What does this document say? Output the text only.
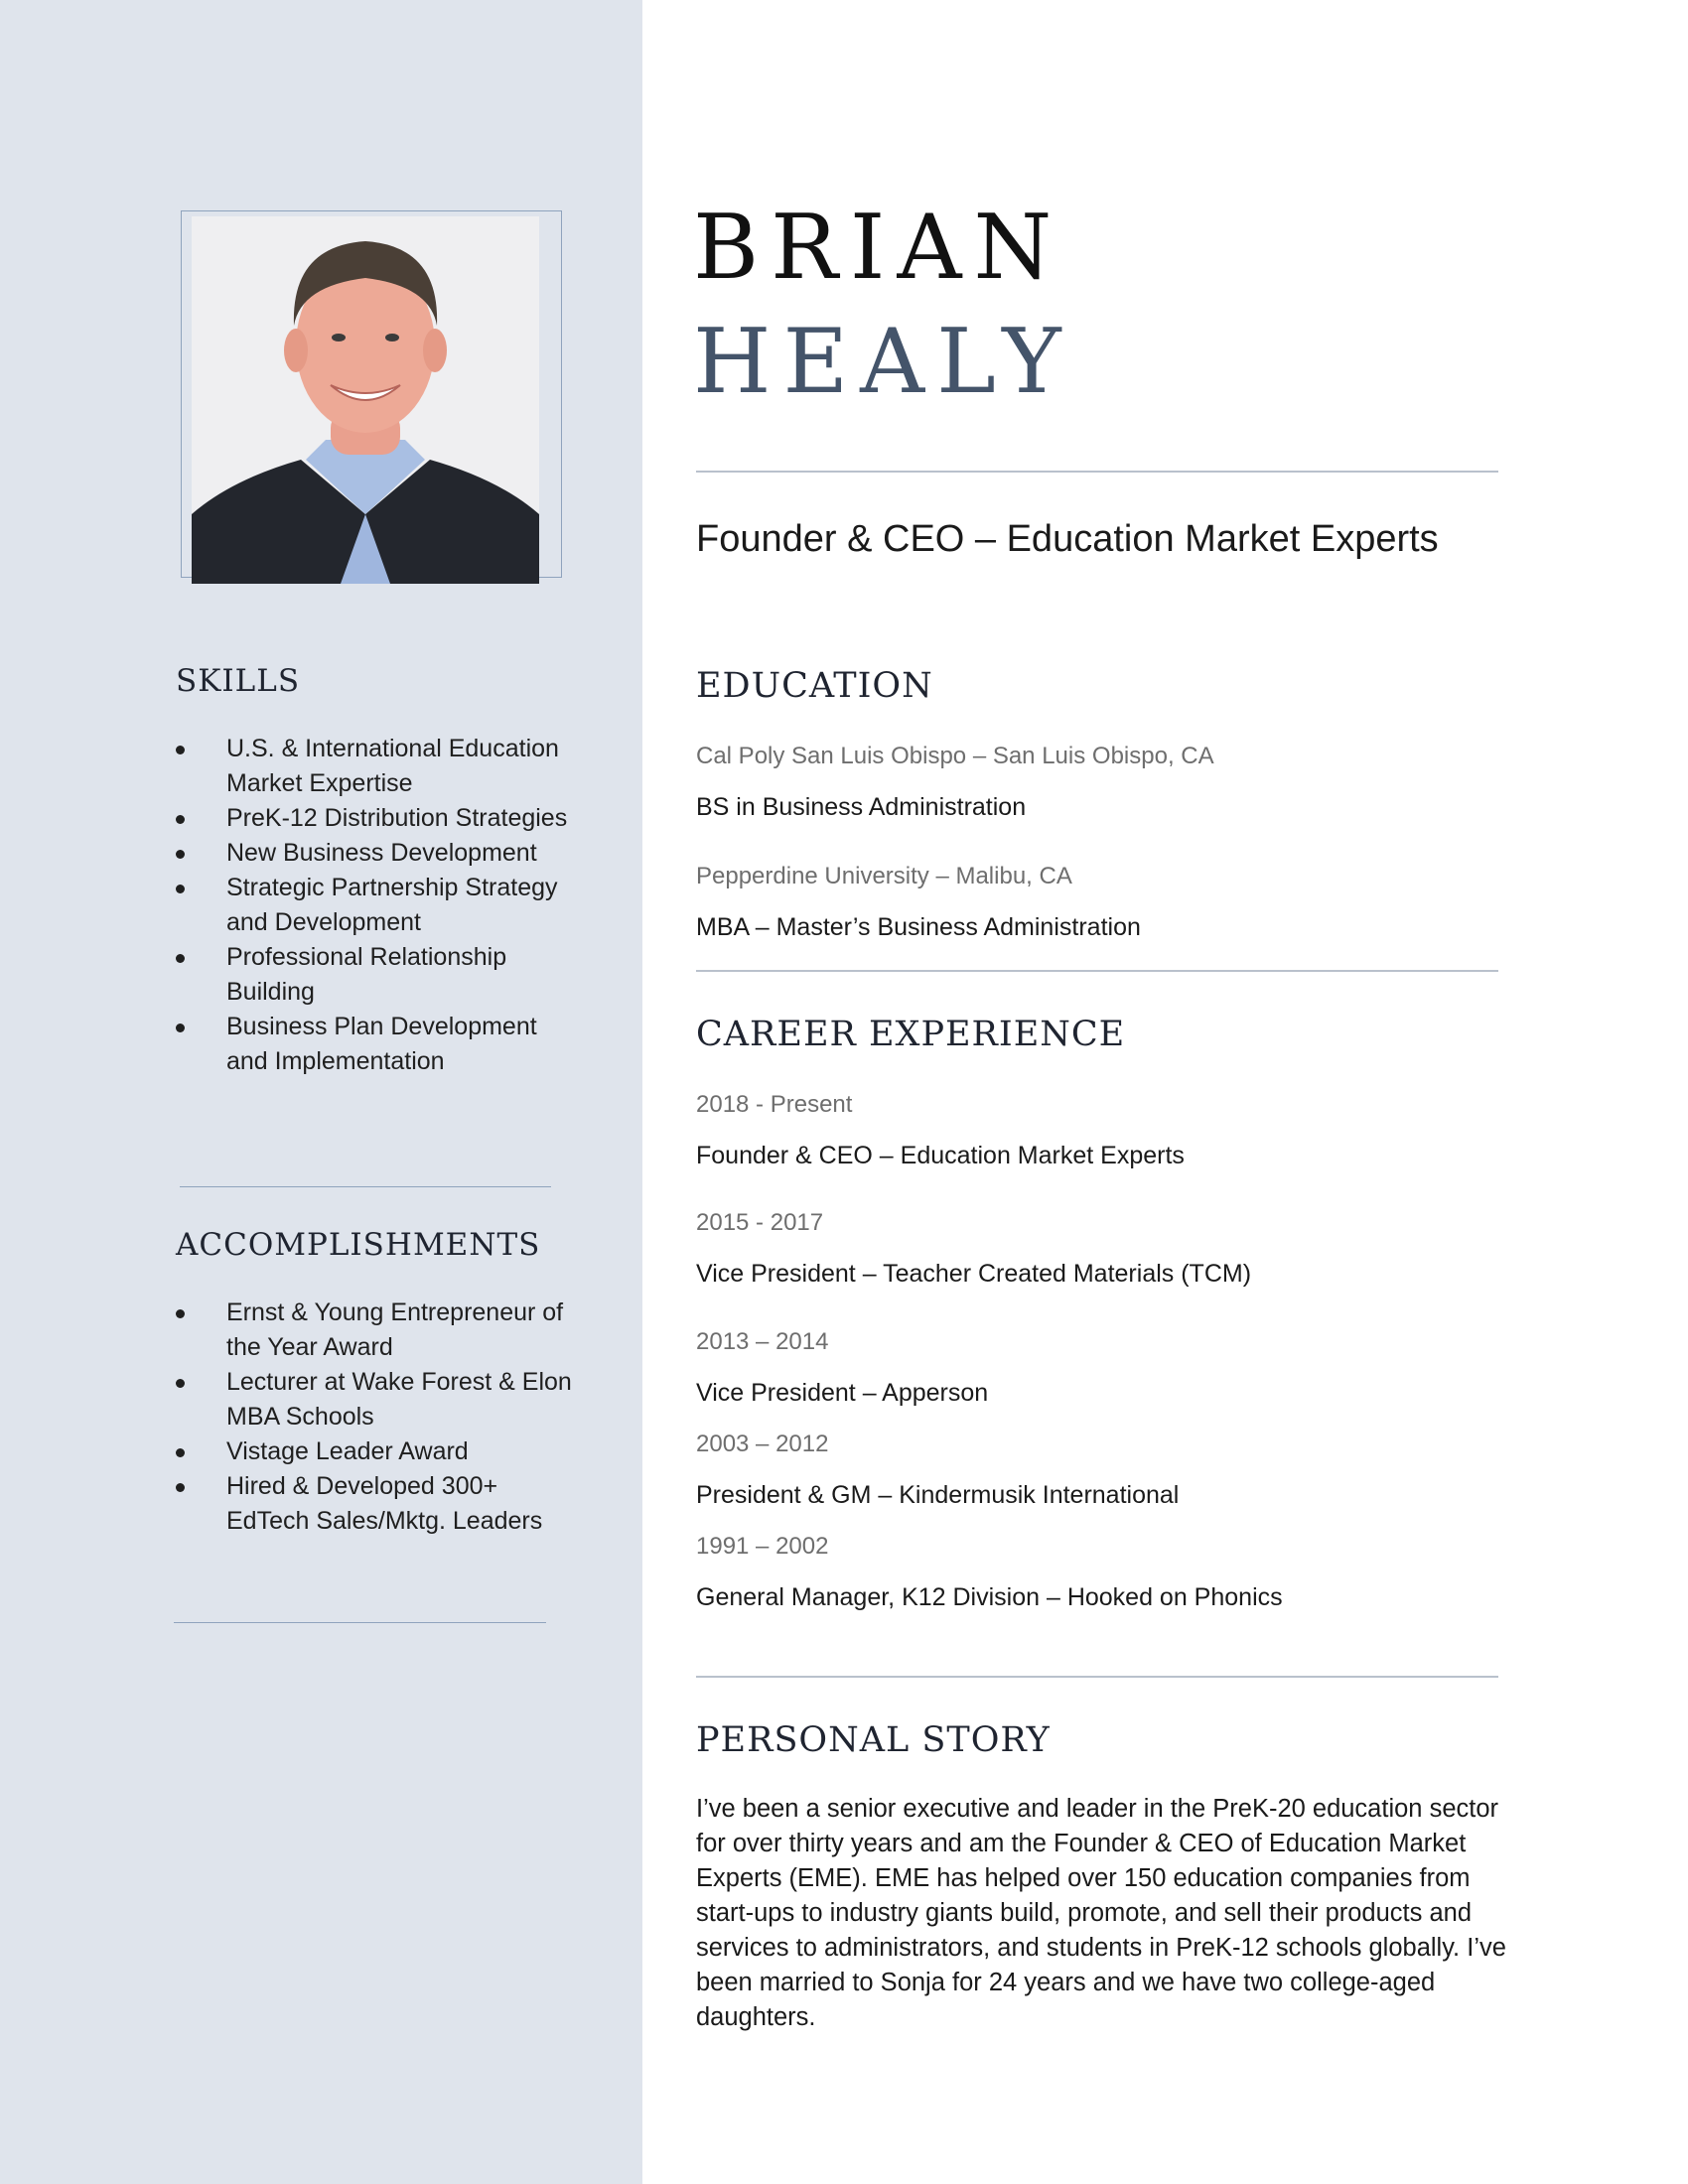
SKILLS
U.S. & International Education Market Expertise
PreK-12 Distribution Strategies
New Business Development
Strategic Partnership Strategy and Development
Professional Relationship Building
Business Plan Development and Implementation
ACCOMPLISHMENTS
Ernst & Young Entrepreneur of the Year Award
Lecturer at Wake Forest & Elon MBA Schools
Vistage Leader Award
Hired & Developed 300+ EdTech Sales/Mktg. Leaders
BRIAN
HEALY
Founder & CEO – Education Market Experts
EDUCATION

Cal Poly San Luis Obispo – San Luis Obispo, CA

BS in Business Administration

Pepperdine University – Malibu, CA

MBA – Master’s Business Administration

CAREER EXPERIENCE

2018 - Present

Founder & CEO – Education Market Experts

2015 - 2017

Vice President – Teacher Created Materials (TCM)

2013 – 2014

Vice President – Apperson

2003 – 2012

President & GM – Kindermusik International

1991 – 2002

General Manager, K12 Division – Hooked on Phonics

PERSONAL STORY

I’ve been a senior executive and leader in the PreK-20 education sector for over thirty years and am the Founder & CEO of Education Market Experts (EME). EME has helped over 150 education companies from start-ups to industry giants build, promote, and sell their products and services to administrators, and students in PreK-12 schools globally. I’ve been married to Sonja for 24 years and we have two college-aged daughters.
